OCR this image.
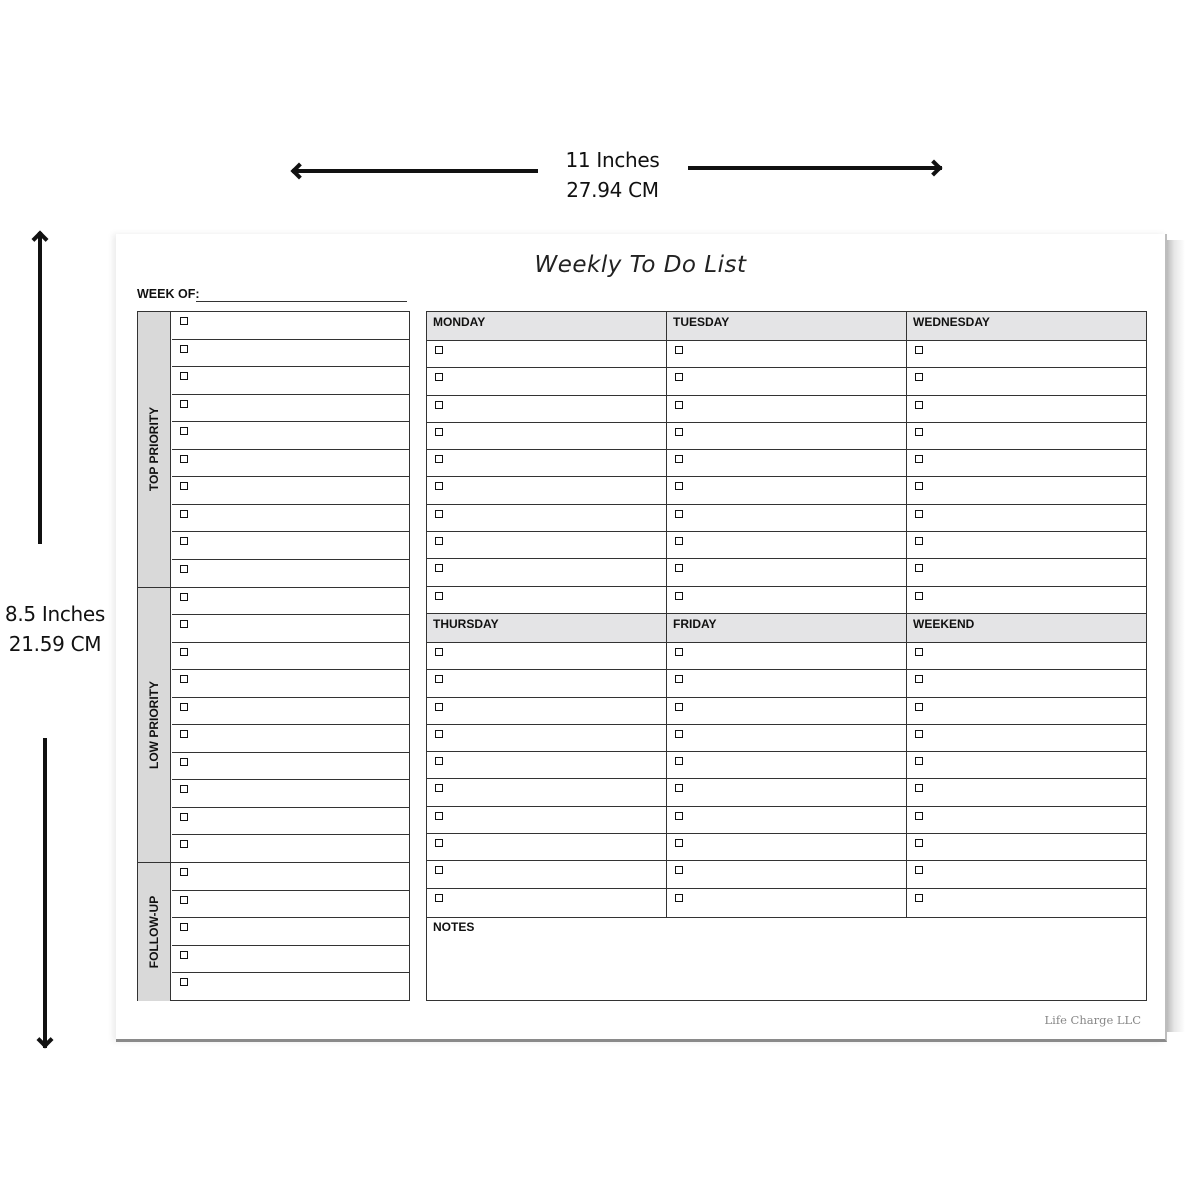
11 Inches
27.94 CM
8.5 Inches
21.59 CM
Weekly To Do List
WEEK OF:
TOP PRIORITY
LOW PRIORITY
FOLLOW-UP
MONDAY	TUESDAY	WEDNESDAY
THURSDAY	FRIDAY	WEEKEND
NOTES
Life Charge LLC
